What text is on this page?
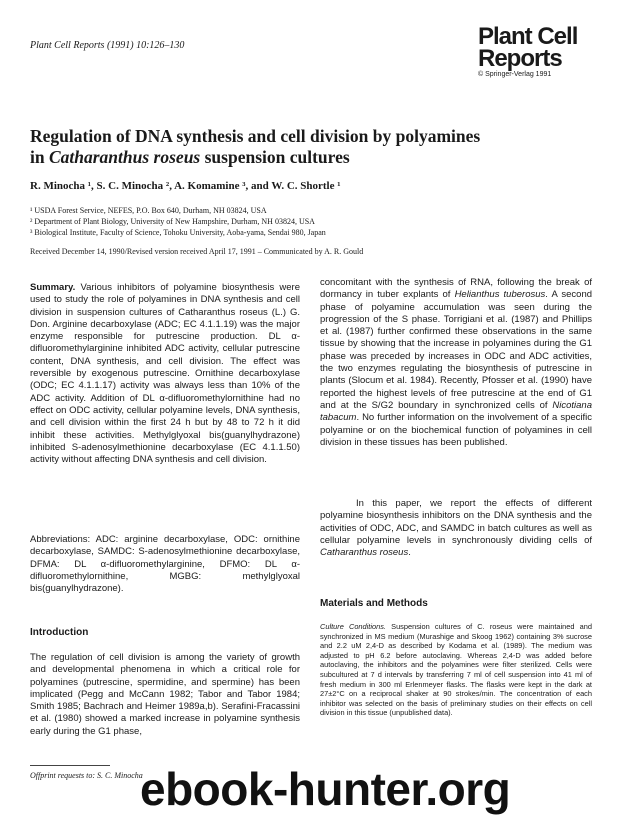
Plant Cell Reports (1991) 10:126–130	Plant Cell
Reports
© Springer-Verlag 1991
Regulation of DNA synthesis and cell division by polyamines
in Catharanthus roseus suspension cultures
R. Minocha ¹, S. C. Minocha ², A. Komamine ³, and W. C. Shortle ¹
¹ USDA Forest Service, NEFES, P.O. Box 640, Durham, NH 03824, USA
² Department of Plant Biology, University of New Hampshire, Durham, NH 03824, USA
³ Biological Institute, Faculty of Science, Tohoku University, Aoba-yama, Sendai 980, Japan
Received December 14, 1990/Revised version received April 17, 1991 – Communicated by A. R. Gould
Summary. Various inhibitors of polyamine biosynthesis were used to study the role of polyamines in DNA synthesis and cell division in suspension cultures of Catharanthus roseus (L.) G. Don. Arginine decarboxylase (ADC; EC 4.1.1.19) was the major enzyme responsible for putrescine production. DL α-difluoromethylarginine inhibited ADC activity, cellular putrescine content, DNA synthesis, and cell division. The effect was reversible by exogenous putrescine. Ornithine decarboxylase (ODC; EC 4.1.1.17) activity was always less than 10% of the ADC activity. Addition of DL α-difluoromethylornithine had no effect on ODC activity, cellular polyamine levels, DNA synthesis, and cell division within the first 24 h but by 48 to 72 h it did inhibit these activities. Methylglyoxal bis(guanylhydrazone) inhibited S-adenosylmethionine decarboxylase (EC 4.1.1.50) activity without affecting DNA synthesis and cell division.
Abbreviations: ADC: arginine decarboxylase, ODC: ornithine decarboxylase, SAMDC: S-adenosylmethionine decarboxylase, DFMA: DL α-difluoromethylarginine, DFMO: DL α-difluoromethylornithine, MGBG: methylglyoxal bis(guanylhydrazone).
Introduction
The regulation of cell division is among the variety of growth and developmental phenomena in which a critical role for polyamines (putrescine, spermidine, and spermine) has been implicated (Pegg and McCann 1982; Tabor and Tabor 1984; Smith 1985; Bachrach and Heimer 1989a,b). Serafini-Fracassini et al. (1980) showed a marked increase in polyamine synthesis early during the G1 phase,
concomitant with the synthesis of RNA, following the break of dormancy in tuber explants of Helianthus tuberosus. A second phase of polyamine accumulation was seen during the progression of the S phase. Torrigiani et al. (1987) and Phillips et al. (1987) further confirmed these observations in the same tissue by showing that the increase in polyamines during the G1 phase was preceded by increases in ODC and ADC activities, the two enzymes regulating the biosynthesis of putrescine in plants (Slocum et al. 1984). Recently, Pfosser et al. (1990) have reported the highest levels of free putrescine at the end of G1 and at the S/G2 boundary in synchronized cells of Nicotiana tabacum. No further information on the involvement of a specific polyamine or on the biochemical function of polyamines in cell division in these tissues has been published.
In this paper, we report the effects of different polyamine biosynthesis inhibitors on the DNA synthesis and the activities of ODC, ADC, and SAMDC in batch cultures as well as cellular polyamine levels in synchronously dividing cells of Catharanthus roseus.
Materials and Methods
Culture Conditions. Suspension cultures of C. roseus were maintained and synchronized in MS medium (Murashige and Skoog 1962) containing 3% sucrose and 2.2 uM 2,4-D as described by Kodama et al. (1989). The medium was adjusted to pH 6.2 before autoclaving. Whereas 2,4-D was added before autoclaving, the inhibitors and the polyamines were filter sterilized. Cells were subcultured at 7 d intervals by transferring 7 ml of cell suspension into 41 ml of fresh medium in 300 ml Erlenmeyer flasks. The flasks were kept in the dark at 27±2°C on a reciprocal shaker at 90 strokes/min. The concentration of each inhibitor was selected on the basis of preliminary studies on their effects on cell division in this tissue (unpublished data).
Offprint requests to: S. C. Minocha
ebook-hunter.org
